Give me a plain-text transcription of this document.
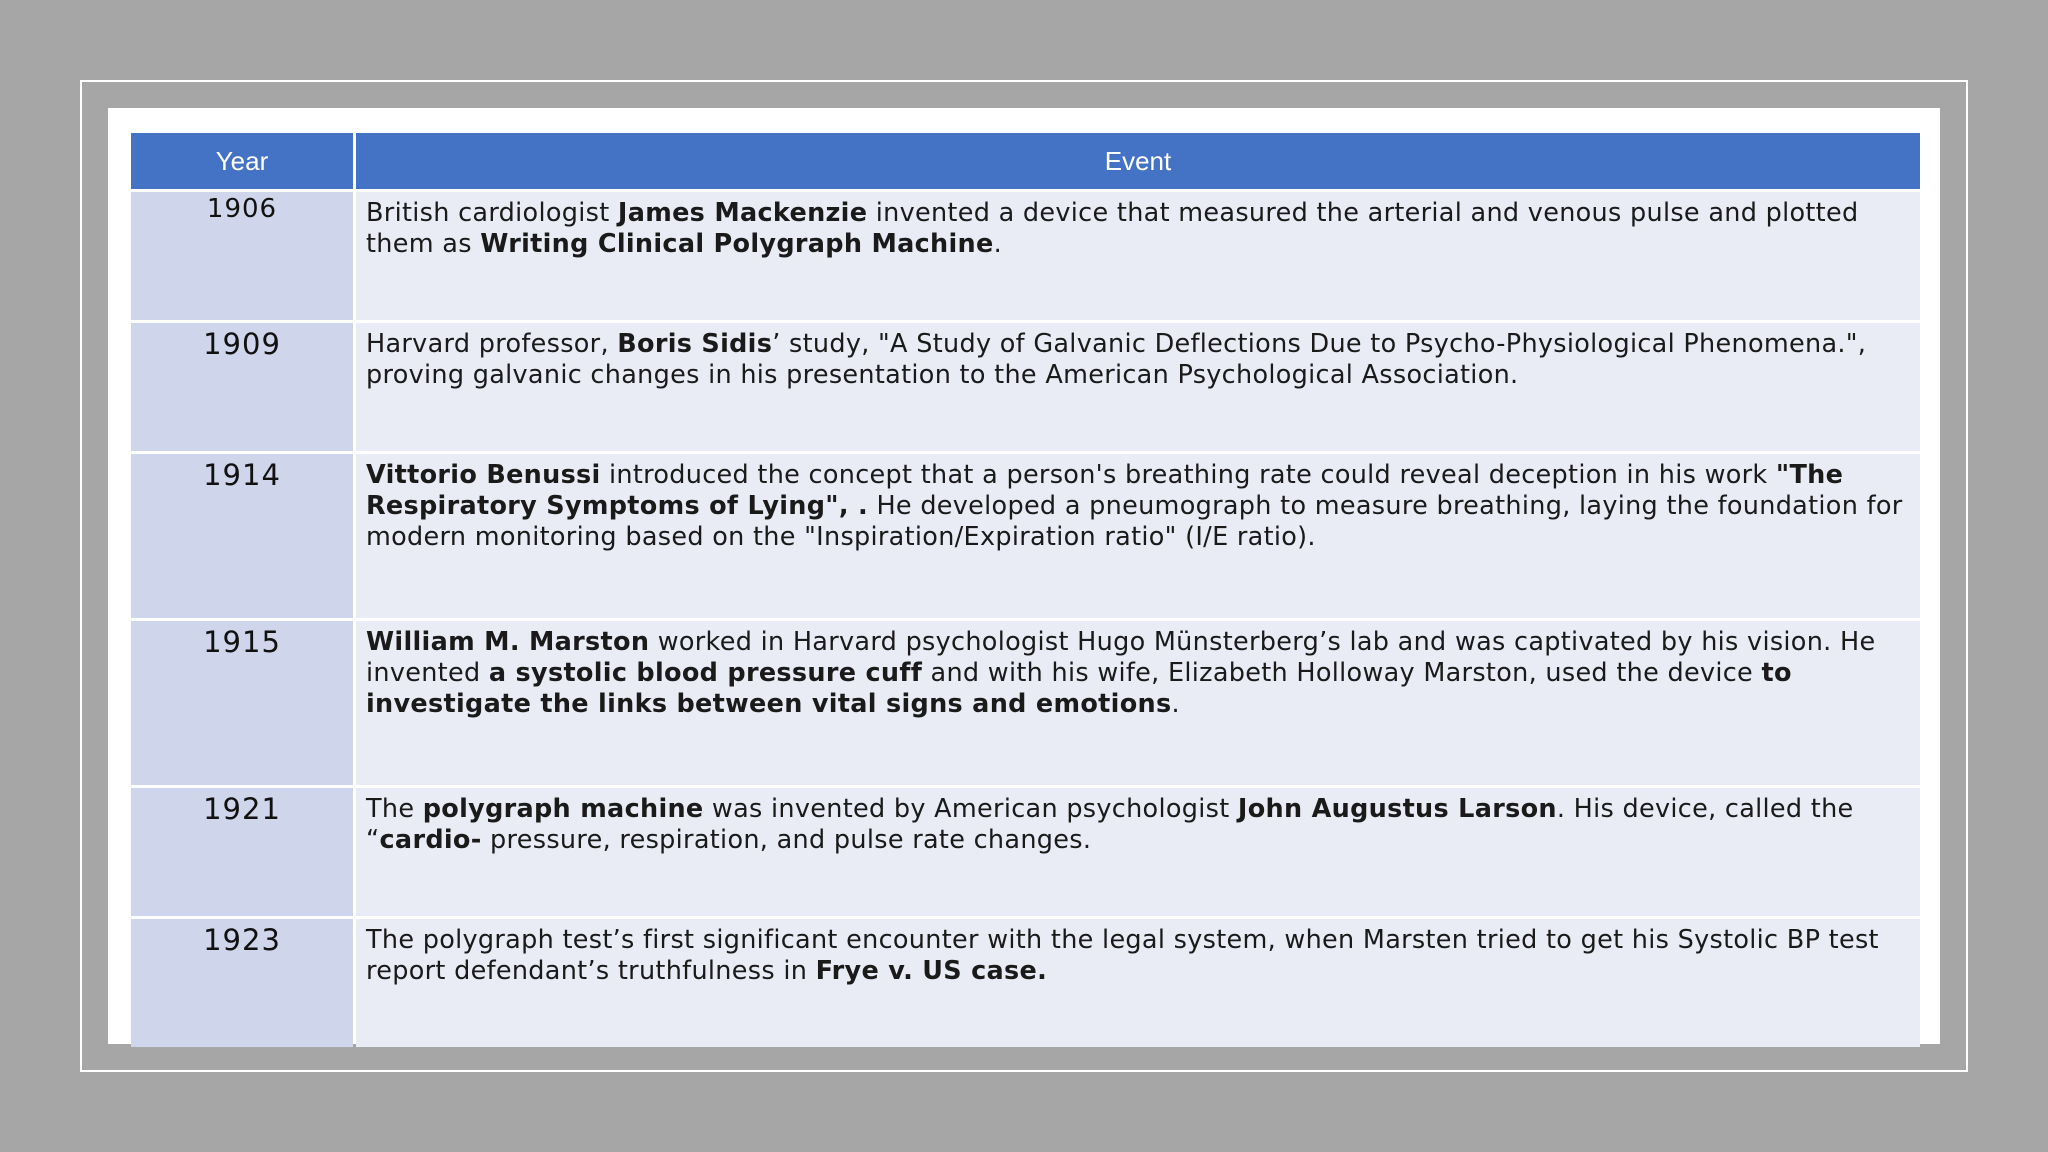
Year	Event
1906	British cardiologist James Mackenzie invented a device that measured the arterial and venous pulse and plotted them as Writing Clinical Polygraph Machine.
1909	Harvard professor, Boris Sidis’ study, "A Study of Galvanic Deflections Due to Psycho-Physiological Phenomena.", proving galvanic changes in his presentation to the American Psychological Association.
1914	Vittorio Benussi introduced the concept that a person's breathing rate could reveal deception in his work "The Respiratory Symptoms of Lying", . He developed a pneumograph to measure breathing, laying the foundation for modern monitoring based on the "Inspiration/Expiration ratio" (I/E ratio).
1915	William M. Marston worked in Harvard psychologist Hugo Münsterberg’s lab and was captivated by his vision. He invented a systolic blood pressure cuff and with his wife, Elizabeth Holloway Marston, used the device to investigate the links between vital signs and emotions.
1921	The polygraph machine was invented by American psychologist John Augustus Larson. His device, called the “cardio- pressure, respiration, and pulse rate changes.
1923	The polygraph test’s first significant encounter with the legal system, when Marsten tried to get his Systolic BP test report defendant’s truthfulness in Frye v. US case.
